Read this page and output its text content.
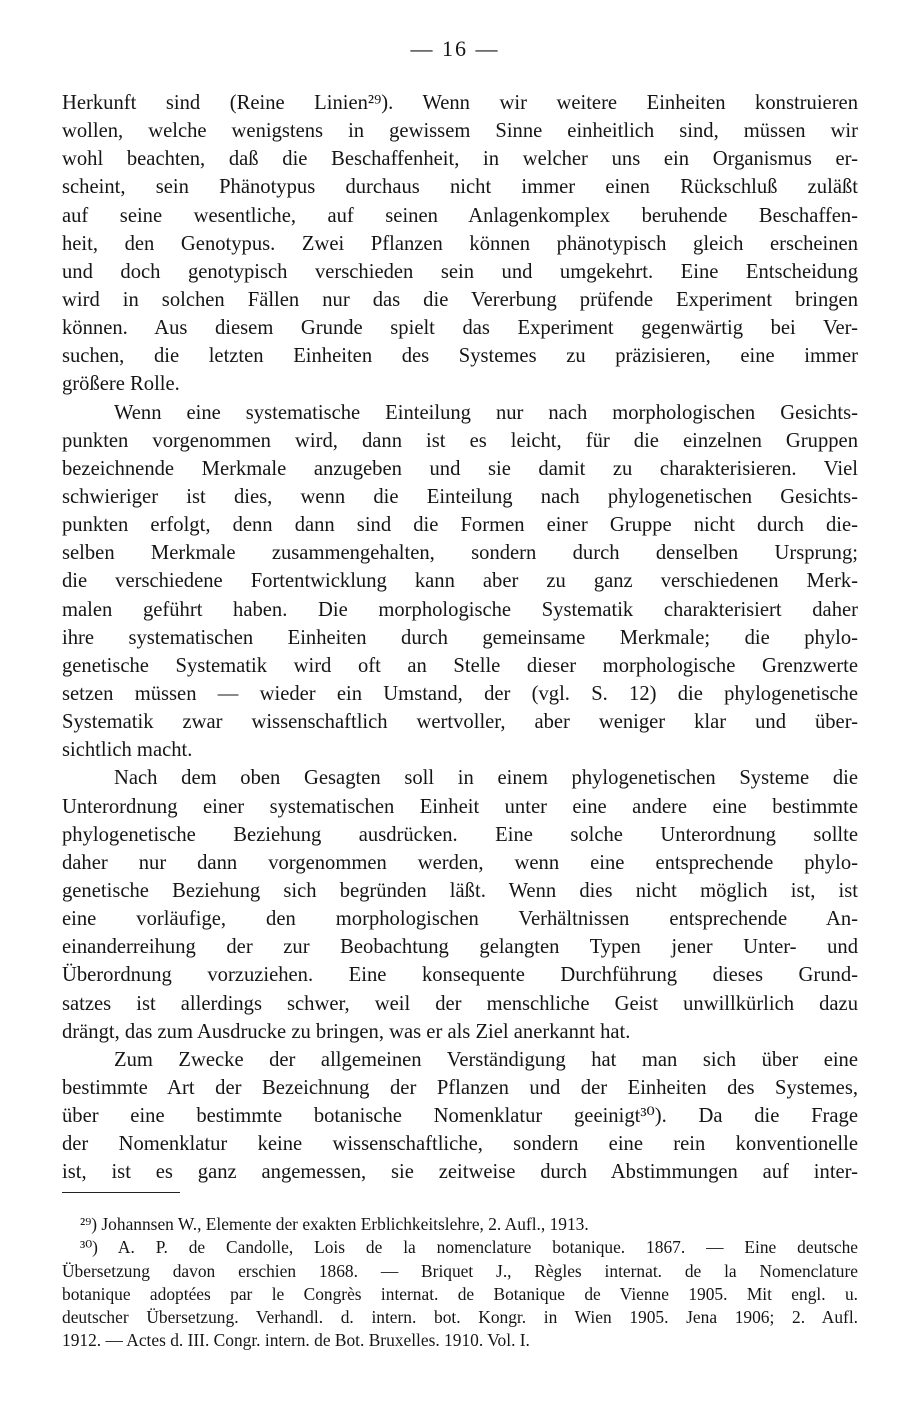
— 16 —

Herkunft sind (Reine Linien²⁹). Wenn wir weitere Einheiten konstruieren
wollen, welche wenigstens in gewissem Sinne einheitlich sind, müssen wir
wohl beachten, daß die Beschaffenheit, in welcher uns ein Organismus er-
scheint, sein Phänotypus durchaus nicht immer einen Rückschluß zuläßt
auf seine wesentliche, auf seinen Anlagenkomplex beruhende Beschaffen-
heit, den Genotypus. Zwei Pflanzen können phänotypisch gleich erscheinen
und doch genotypisch verschieden sein und umgekehrt. Eine Entscheidung
wird in solchen Fällen nur das die Vererbung prüfende Experiment bringen
können. Aus diesem Grunde spielt das Experiment gegenwärtig bei Ver-
suchen, die letzten Einheiten des Systemes zu präzisieren, eine immer
größere Rolle.

Wenn eine systematische Einteilung nur nach morphologischen Gesichts-
punkten vorgenommen wird, dann ist es leicht, für die einzelnen Gruppen
bezeichnende Merkmale anzugeben und sie damit zu charakterisieren. Viel
schwieriger ist dies, wenn die Einteilung nach phylogenetischen Gesichts-
punkten erfolgt, denn dann sind die Formen einer Gruppe nicht durch die-
selben Merkmale zusammengehalten, sondern durch denselben Ursprung;
die verschiedene Fortentwicklung kann aber zu ganz verschiedenen Merk-
malen geführt haben. Die morphologische Systematik charakterisiert daher
ihre systematischen Einheiten durch gemeinsame Merkmale; die phylo-
genetische Systematik wird oft an Stelle dieser morphologische Grenzwerte
setzen müssen — wieder ein Umstand, der (vgl. S. 12) die phylogenetische
Systematik zwar wissenschaftlich wertvoller, aber weniger klar und über-
sichtlich macht.

Nach dem oben Gesagten soll in einem phylogenetischen Systeme die
Unterordnung einer systematischen Einheit unter eine andere eine bestimmte
phylogenetische Beziehung ausdrücken. Eine solche Unterordnung sollte
daher nur dann vorgenommen werden, wenn eine entsprechende phylo-
genetische Beziehung sich begründen läßt. Wenn dies nicht möglich ist, ist
eine vorläufige, den morphologischen Verhältnissen entsprechende An-
einanderreihung der zur Beobachtung gelangten Typen jener Unter- und
Überordnung vorzuziehen. Eine konsequente Durchführung dieses Grund-
satzes ist allerdings schwer, weil der menschliche Geist unwillkürlich dazu
drängt, das zum Ausdrucke zu bringen, was er als Ziel anerkannt hat.

Zum Zwecke der allgemeinen Verständigung hat man sich über eine
bestimmte Art der Bezeichnung der Pflanzen und der Einheiten des Systemes,
über eine bestimmte botanische Nomenklatur geeinigt³⁰). Da die Frage
der Nomenklatur keine wissenschaftliche, sondern eine rein konventionelle
ist, ist es ganz angemessen, sie zeitweise durch Abstimmungen auf inter-

²⁹) Johannsen W., Elemente der exakten Erblichkeitslehre, 2. Aufl., 1913.

³⁰) A. P. de Candolle, Lois de la nomenclature botanique. 1867. — Eine deutsche
Übersetzung davon erschien 1868. — Briquet J., Règles internat. de la Nomenclature
botanique adoptées par le Congrès internat. de Botanique de Vienne 1905. Mit engl. u.
deutscher Übersetzung. Verhandl. d. intern. bot. Kongr. in Wien 1905. Jena 1906; 2. Aufl.
1912. — Actes d. III. Congr. intern. de Bot. Bruxelles. 1910. Vol. I.
